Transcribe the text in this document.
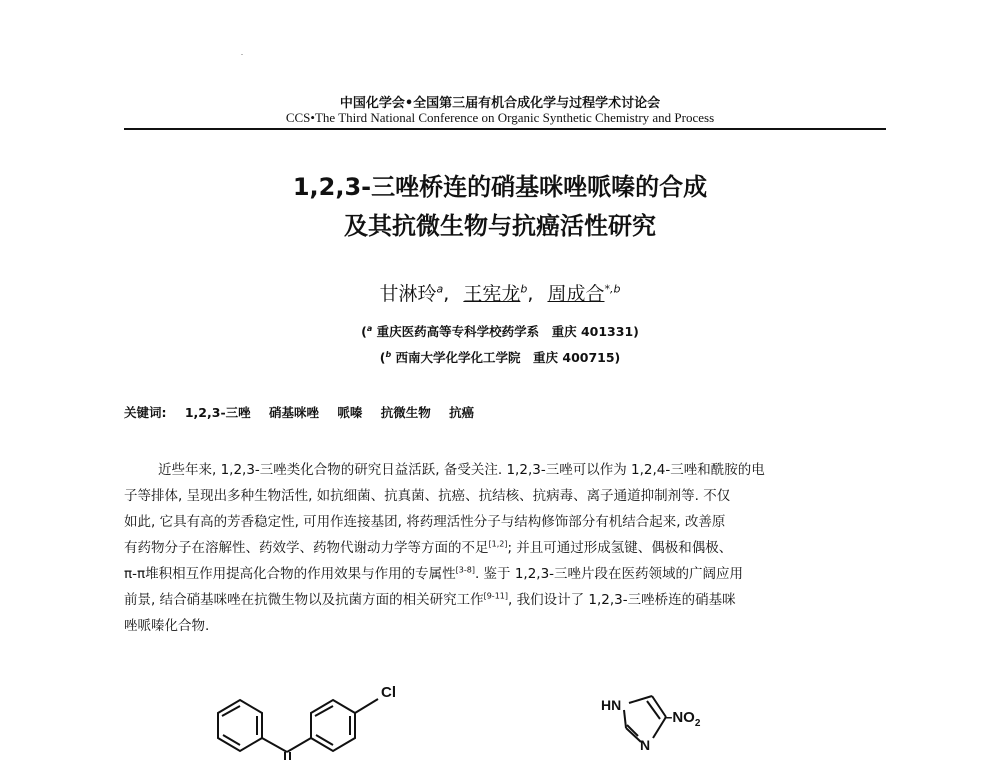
中国化学会•全国第三届有机合成化学与过程学术讨论会
CCS•The Third National Conference on Organic Synthetic Chemistry and Process
1,2,3-三唑桥连的硝基咪唑哌嗪的合成
及其抗微生物与抗癌活性研究
甘淋玲$^a$, 王宪龙$^b$, 周成合$^{*,b}$
($^a$ 重庆医药高等专科学校药学系　重庆 401331)
($^b$ 西南大学化学化工学院　重庆 400715)
关键词: 1,2,3-三唑 硝基咪唑 哌嗪 抗微生物 抗癌
近些年来, 1,2,3-三唑类化合物的研究日益活跃, 备受关注. 1,2,3-三唑可以作为 1,2,4-三唑和酰胺的电
子等排体, 呈现出多种生物活性, 如抗细菌、抗真菌、抗癌、抗结核、抗病毒、离子通道抑制剂等. 不仅
如此, 它具有高的芳香稳定性, 可用作连接基团, 将药理活性分子与结构修饰部分有机结合起来, 改善原
有药物分子在溶解性、药效学、药物代谢动力学等方面的不足[1,2]; 并且可通过形成氢键、偶极和偶极、
π-π堆积相互作用提高化合物的作用效果与作用的专属性[3-8]. 鉴于 1,2,3-三唑片段在医药领域的广阔应用
前景, 结合硝基咪唑在抗微生物以及抗菌方面的相关研究工作[9-11], 我们设计了 1,2,3-三唑桥连的硝基咪
唑哌嗪化合物.
Cl
HN
N
$-NO_2$
